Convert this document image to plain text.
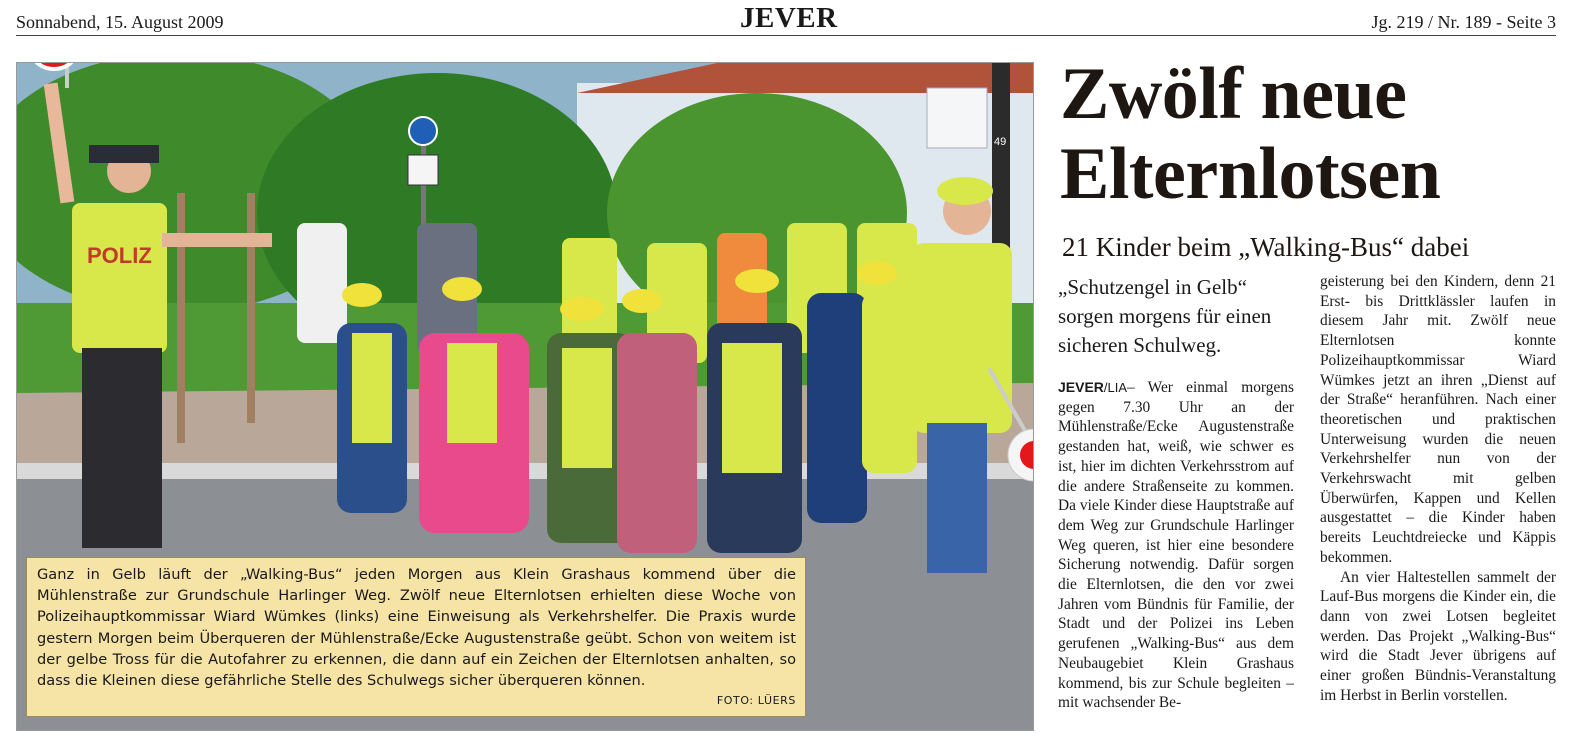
Sonnabend, 15. August 2009	JEVER	Jg. 219 / Nr. 189 - Seite 3
49
POLIZ
Ganz in Gelb läuft der „Walking-Bus“ jeden Morgen aus Klein Grashaus kommend über die Mühlenstraße zur Grundschule Harlinger Weg. Zwölf neue Elternlotsen erhielten diese Woche von Polizeihauptkommissar Wiard Wümkes (links) eine Einweisung als Verkehrshelfer. Die Praxis wurde gestern Morgen beim Überqueren der Mühlenstraße/Ecke Augustenstraße geübt. Schon von weitem ist der gelbe Tross für die Autofahrer zu erkennen, die dann auf ein Zeichen der Elternlotsen anhalten, so dass die Kleinen diese gefährliche Stelle des Schulwegs sicher überqueren können.
FOTO: LÜERS
Zwölf neue
Elternlotsen
21 Kinder beim „Walking-Bus“ dabei
„Schutzengel in Gelb“ sorgen morgens für einen sicheren Schulweg.
JEVER/LIA– Wer einmal morgens gegen 7.30 Uhr an der Mühlenstraße/Ecke Augustenstraße gestanden hat, weiß, wie schwer es ist, hier im dichten Verkehrsstrom auf die andere Straßenseite zu kommen. Da viele Kinder diese Hauptstraße auf dem Weg zur Grundschule Harlinger Weg queren, ist hier eine besondere Sicherung notwendig. Dafür sorgen die Elternlotsen, die den vor zwei Jahren vom Bündnis für Familie, der Stadt und der Polizei ins Leben gerufenen „Walking-Bus“ aus dem Neubaugebiet Klein Grashaus kommend, bis zur Schule begleiten – mit wachsender Be-
geisterung bei den Kindern, denn 21 Erst- bis Drittklässler laufen in diesem Jahr mit. Zwölf neue Elternlotsen konnte Polizeihauptkommissar Wiard Wümkes jetzt an ihren „Dienst auf der Straße“ heranführen. Nach einer theoretischen und praktischen Unterweisung wurden die neuen Verkehrshelfer nun von der Verkehrswacht mit gelben Überwürfen, Kappen und Kellen ausgestattet – die Kinder haben bereits Leuchtdreiecke und Käppis bekommen.
An vier Haltestellen sammelt der Lauf-Bus morgens die Kinder ein, die dann von zwei Lotsen begleitet werden. Das Projekt „Walking-Bus“ wird die Stadt Jever übrigens auf einer großen Bündnis-Veranstaltung im Herbst in Berlin vorstellen.
